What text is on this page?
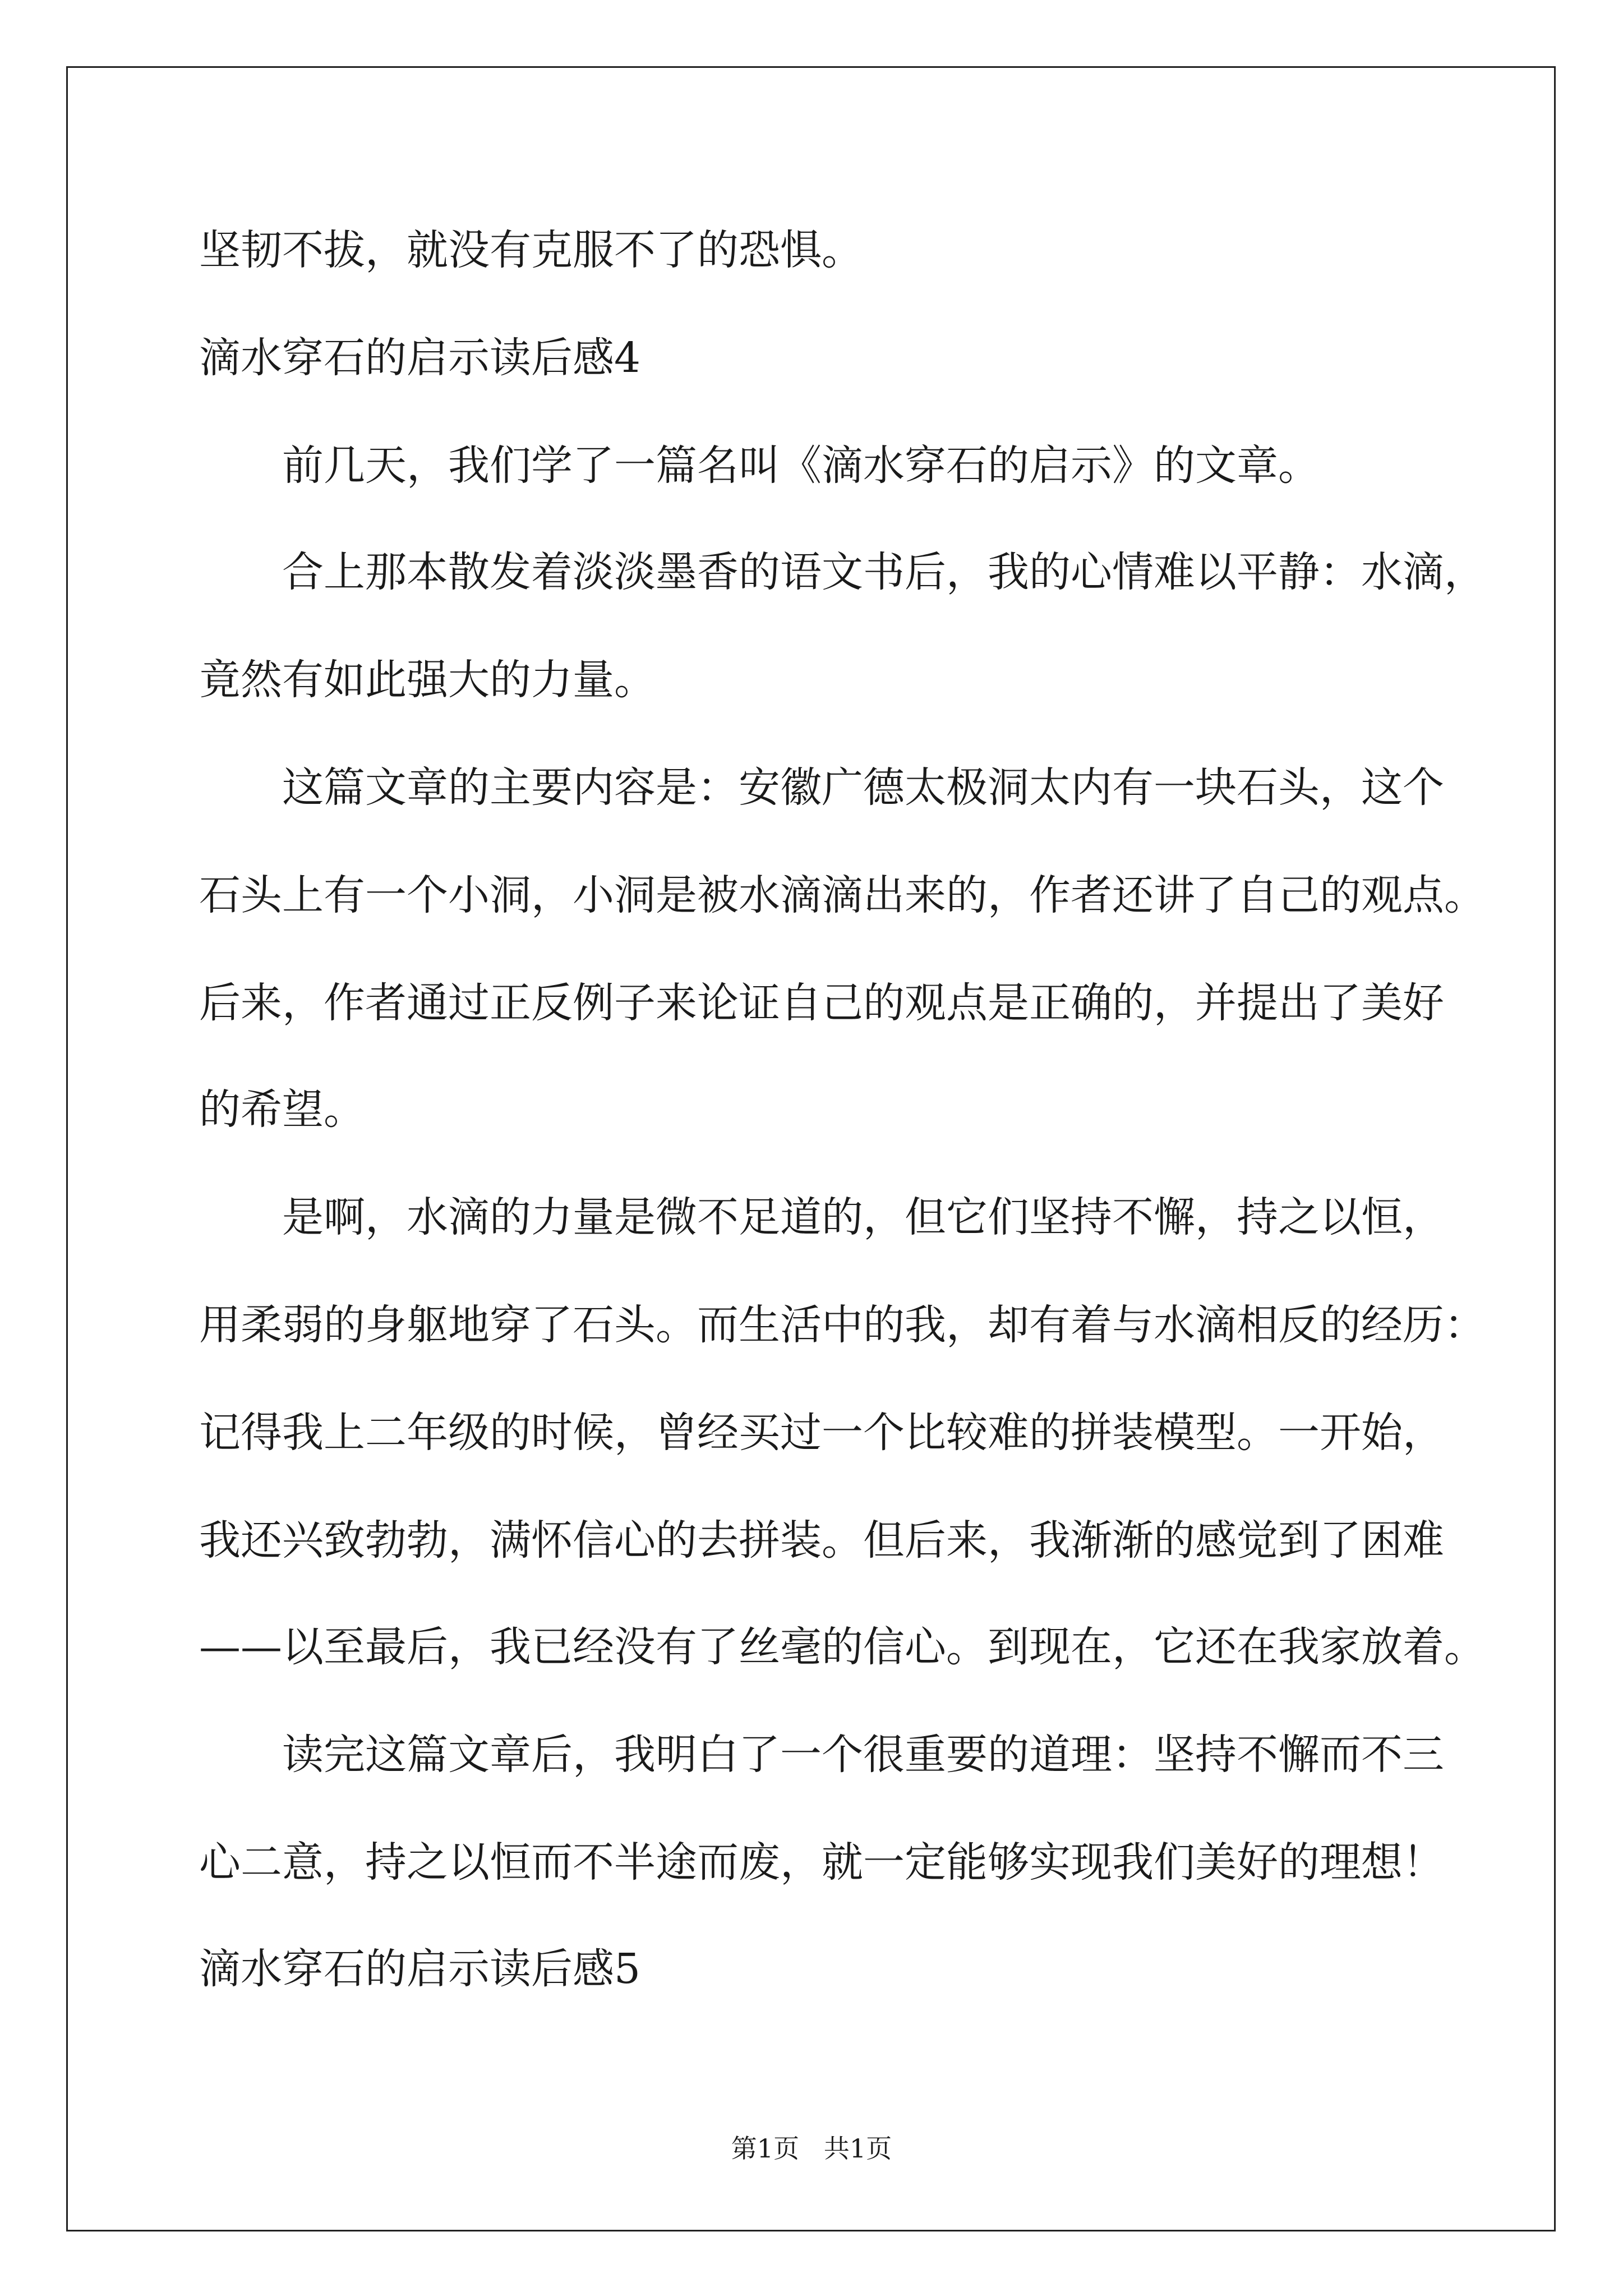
坚韧不拔，就没有克服不了的恐惧。
滴水穿石的启示读后感4
前几天，我们学了一篇名叫《滴水穿石的启示》的文章。
合上那本散发着淡淡墨香的语文书后，我的心情难以平静：水滴，
竟然有如此强大的力量。
这篇文章的主要内容是：安徽广德太极洞太内有一块石头，这个
石头上有一个小洞，小洞是被水滴滴出来的，作者还讲了自己的观点。
后来，作者通过正反例子来论证自己的观点是正确的，并提出了美好
的希望。
是啊，水滴的力量是微不足道的，但它们坚持不懈，持之以恒，
用柔弱的身躯地穿了石头。而生活中的我，却有着与水滴相反的经历：
记得我上二年级的时候，曾经买过一个比较难的拼装模型。一开始，
我还兴致勃勃，满怀信心的去拼装。但后来，我渐渐的感觉到了困难
——以至最后，我已经没有了丝毫的信心。到现在，它还在我家放着。
读完这篇文章后，我明白了一个很重要的道理：坚持不懈而不三
心二意，持之以恒而不半途而废，就一定能够实现我们美好的理想！
滴水穿石的启示读后感5
第1页   共1页
